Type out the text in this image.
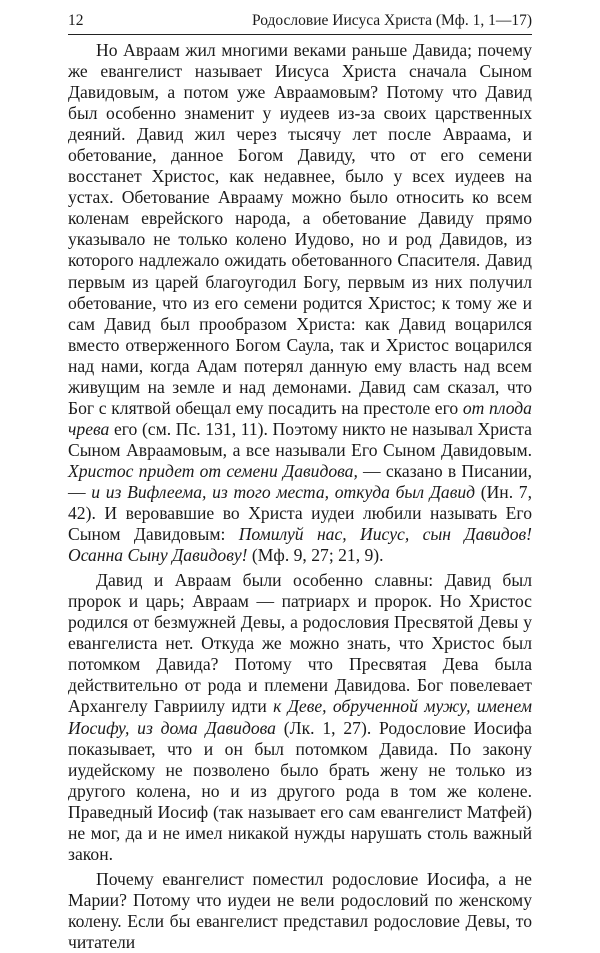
12	Родословие Иисуса Христа (Мф. 1, 1—17)

Но Авраам жил многими веками раньше Давида; почему же евангелист называет Иисуса Христа сначала Сыном Давидовым, а потом уже Авраамовым? Потому что Давид был особенно знаменит у иудеев из-за своих царственных деяний. Давид жил через тысячу лет после Авраама, и обетование, данное Богом Давиду, что от его семени восстанет Христос, как недавнее, было у всех иудеев на устах. Обетование Аврааму можно было относить ко всем коленам еврейского народа, а обетование Давиду прямо указывало не только колено Иудово, но и род Давидов, из которого надлежало ожидать обетованного Спасителя. Давид первым из царей благоугодил Богу, первым из них получил обетование, что из его семени родится Христос; к тому же и сам Давид был прообразом Христа: как Давид воцарился вместо отверженного Богом Саула, так и Христос воцарился над нами, когда Адам потерял данную ему власть над всем живущим на земле и над демонами. Давид сам сказал, что Бог с клятвой обещал ему посадить на престоле его от плода чрева его (см. Пс. 131, 11). Поэтому никто не называл Христа Сыном Авраамовым, а все называли Его Сыном Давидовым. Христос придет от семени Давидова, — сказано в Писании, — и из Вифлеема, из того места, откуда был Давид (Ин. 7, 42). И веровавшие во Христа иудеи любили называть Его Сыном Давидовым: Помилуй нас, Иисус, сын Давидов! Осанна Сыну Давидову! (Мф. 9, 27; 21, 9).

Давид и Авраам были особенно славны: Давид был пророк и царь; Авраам — патриарх и пророк. Но Христос родился от безмужней Девы, а родословия Пресвятой Девы у евангелиста нет. Откуда же можно знать, что Христос был потомком Давида? Потому что Пресвятая Дева была действительно от рода и племени Давидова. Бог повелевает Архангелу Гавриилу идти к Деве, обрученной мужу, именем Иосифу, из дома Давидова (Лк. 1, 27). Родословие Иосифа показывает, что и он был потомком Давида. По закону иудейскому не позволено было брать жену не только из другого колена, но и из другого рода в том же колене. Праведный Иосиф (так называет его сам евангелист Матфей) не мог, да и не имел никакой нужды нарушать столь важный закон.

Почему евангелист поместил родословие Иосифа, а не Марии? Потому что иудеи не вели родословий по женскому колену. Если бы евангелист представил родословие Девы, то читатели
